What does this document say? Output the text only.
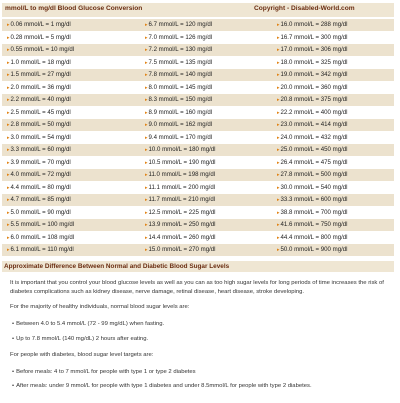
mmol/L to mg/dl Blood Glucose Conversion	Copyright - Disabled-World.com
▸0.06 mmol/L = 1 mg/dl	▸6.7 mmol/L = 120 mg/dl	▸16.0 mmol/L = 288 mg/dl
▸0.28 mmol/L = 5 mg/dl	▸7.0 mmol/L = 126 mg/dl	▸16.7 mmol/L = 300 mg/dl
▸0.55 mmol/L = 10 mg/dl	▸7.2 mmol/L = 130 mg/dl	▸17.0 mmol/L = 306 mg/dl
▸1.0 mmol/L = 18 mg/dl	▸7.5 mmol/L = 135 mg/dl	▸18.0 mmol/L = 325 mg/dl
▸1.5 mmol/L = 27 mg/dl	▸7.8 mmol/L = 140 mg/dl	▸19.0 mmol/L = 342 mg/dl
▸2.0 mmol/L = 36 mg/dl	▸8.0 mmol/L = 145 mg/dl	▸20.0 mmol/L = 360 mg/dl
▸2.2 mmol/L = 40 mg/dl	▸8.3 mmol/L = 150 mg/dl	▸20.8 mmol/L = 375 mg/dl
▸2.5 mmol/L = 45 mg/dl	▸8.9 mmol/L = 160 mg/dl	▸22.2 mmol/L = 400 mg/dl
▸2.8 mmol/L = 50 mg/dl	▸9.0 mmol/L = 162 mg/dl	▸23.0 mmol/L = 414 mg/dl
▸3.0 mmol/L = 54 mg/dl	▸9.4 mmol/L = 170 mg/dl	▸24.0 mmol/L = 432 mg/dl
▸3.3 mmol/L = 60 mg/dl	▸10.0 mmol/L = 180 mg/dl	▸25.0 mmol/L = 450 mg/dl
▸3.9 mmol/L = 70 mg/dl	▸10.5 mmol/L = 190 mg/dl	▸26.4 mmol/L = 475 mg/dl
▸4.0 mmol/L = 72 mg/dl	▸11.0 mmol/L = 198 mg/dl	▸27.8 mmol/L = 500 mg/dl
▸4.4 mmol/L = 80 mg/dl	▸11.1 mmol/L = 200 mg/dl	▸30.0 mmol/L = 540 mg/dl
▸4.7 mmol/L = 85 mg/dl	▸11.7 mmol/L = 210 mg/dl	▸33.3 mmol/L = 600 mg/dl
▸5.0 mmol/L = 90 mg/dl	▸12.5 mmol/L = 225 mg/dl	▸38.8 mmol/L = 700 mg/dl
▸5.5 mmol/L = 100 mg/dl	▸13.9 mmol/L = 250 mg/dl	▸41.6 mmol/L = 750 mg/dl
▸6.0 mmol/L = 108 mg/dl	▸14.4 mmol/L = 260 mg/dl	▸44.4 mmol/L = 800 mg/dl
▸6.1 mmol/L = 110 mg/dl	▸15.0 mmol/L = 270 mg/dl	▸50.0 mmol/L = 900 mg/dl
Approximate Difference Between Normal and Diabetic Blood Sugar Levels
It is important that you control your blood glucose levels as well as you can as too high sugar levels for long periods of time increases the risk of diabetes complications such as kidney disease, nerve damage, retinal disease, heart disease, stroke developing.
For the majority of healthy individuals, normal blood sugar levels are:
• Between 4.0 to 5.4 mmol/L (72 - 99 mg/dL) when fasting.
• Up to 7.8 mmol/L (140 mg/dL) 2 hours after eating.
For people with diabetes, blood sugar level targets are:
• Before meals: 4 to 7 mmol/L for people with type 1 or type 2 diabetes
• After meals: under 9 mmol/L for people with type 1 diabetes and under 8.5mmol/L for people with type 2 diabetes.
